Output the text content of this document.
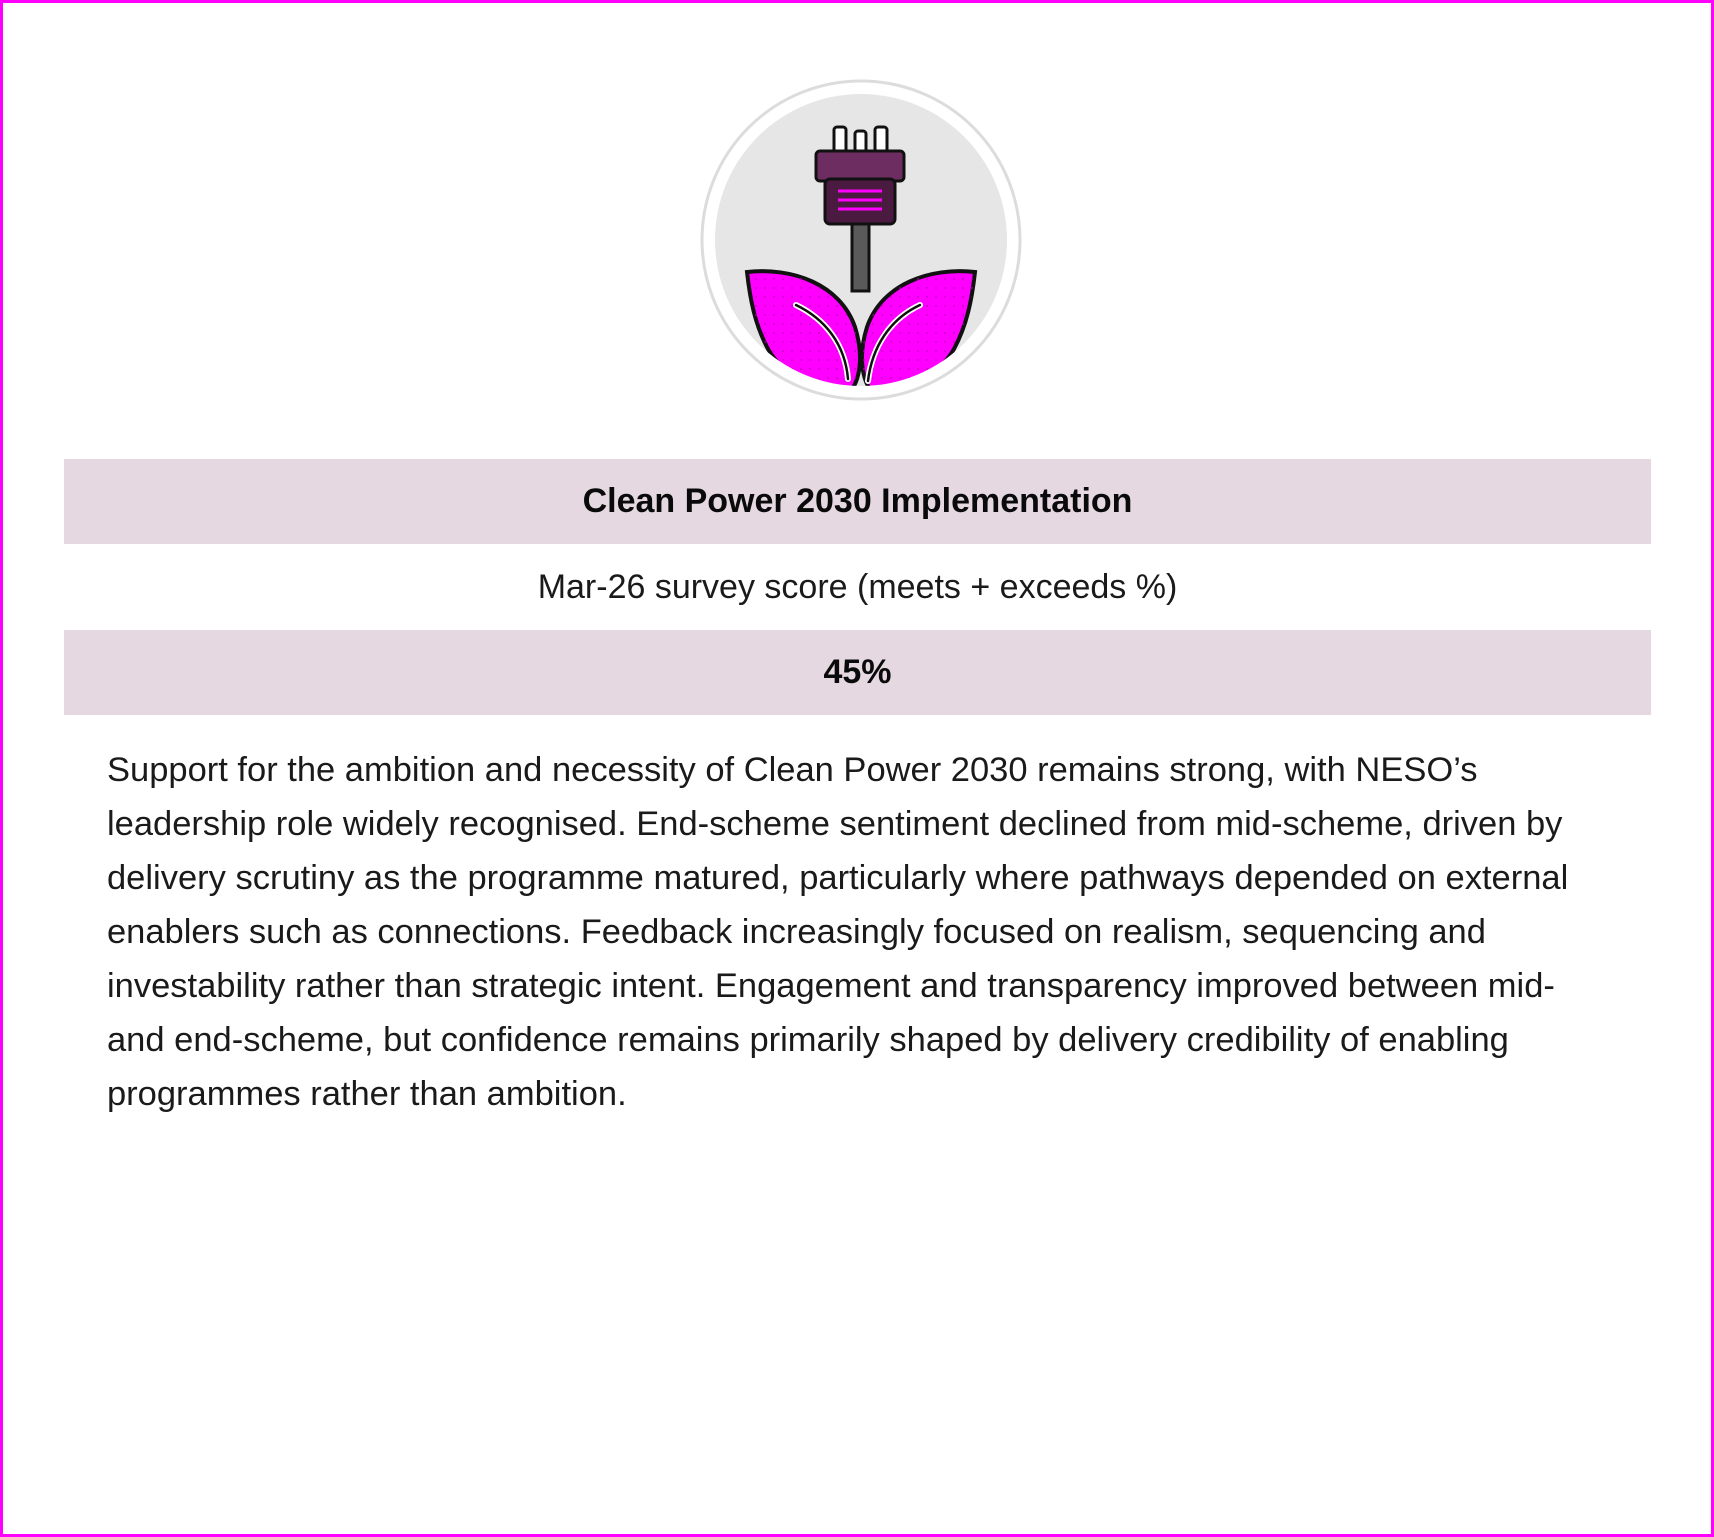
Clean Power 2030 Implementation
Mar-26 survey score (meets + exceeds %)
45%

Support for the ambition and necessity of Clean Power 2030 remains strong, with NESO’s leadership role widely recognised. End-scheme sentiment declined from mid-scheme, driven by delivery scrutiny as the programme matured, particularly where pathways depended on external enablers such as connections. Feedback increasingly focused on realism, sequencing and investability rather than strategic intent. Engagement and transparency improved between mid- and end-scheme, but confidence remains primarily shaped by delivery credibility of enabling programmes rather than ambition.
